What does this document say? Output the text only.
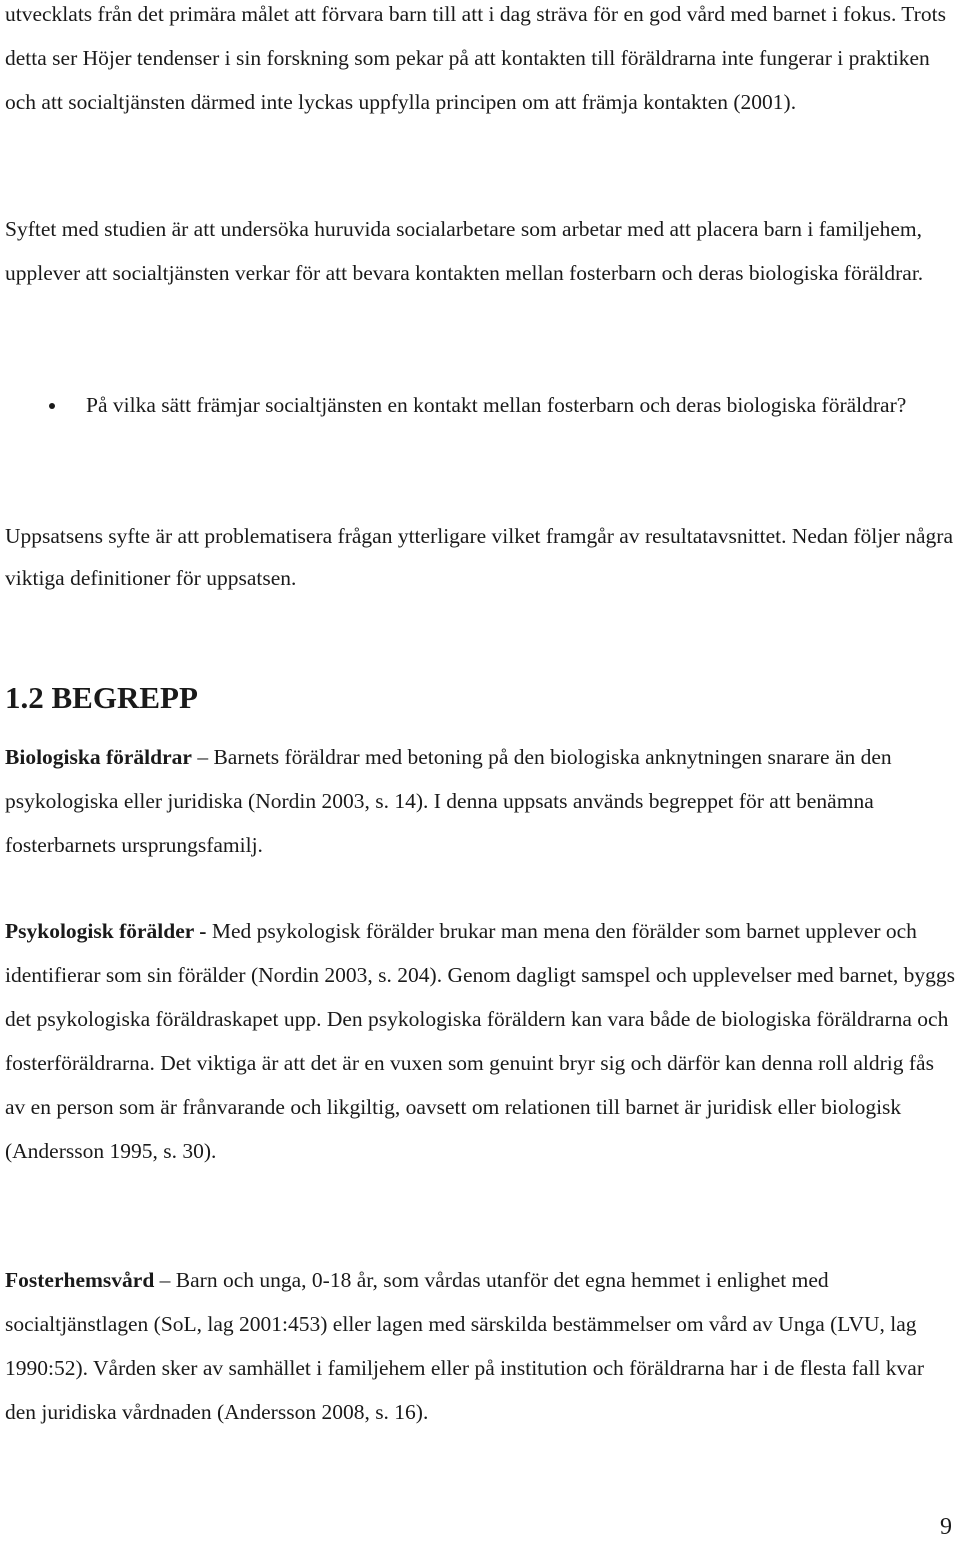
utvecklats från det primära målet att förvara barn till att i dag sträva för en god vård med barnet i fokus. Trots detta ser Höjer tendenser i sin forskning som pekar på att kontakten till föräldrarna inte fungerar i praktiken och att socialtjänsten därmed inte lyckas uppfylla principen om att främja kontakten (2001).

Syftet med studien är att undersöka huruvida socialarbetare som arbetar med att placera barn i familjehem, upplever att socialtjänsten verkar för att bevara kontakten mellan fosterbarn och deras biologiska föräldrar.

På vilka sätt främjar socialtjänsten en kontakt mellan fosterbarn och deras biologiska föräldrar?

Uppsatsens syfte är att problematisera frågan ytterligare vilket framgår av resultatavsnittet. Nedan följer några viktiga definitioner för uppsatsen.

1.2 BEGREPP

Biologiska föräldrar – Barnets föräldrar med betoning på den biologiska anknytningen snarare än den psykologiska eller juridiska (Nordin 2003, s. 14). I denna uppsats används begreppet för att benämna fosterbarnets ursprungsfamilj.

Psykologisk förälder - Med psykologisk förälder brukar man mena den förälder som barnet upplever och identifierar som sin förälder (Nordin 2003, s. 204). Genom dagligt samspel och upplevelser med barnet, byggs det psykologiska föräldraskapet upp. Den psykologiska föräldern kan vara både de biologiska föräldrarna och fosterföräldrarna. Det viktiga är att det är en vuxen som genuint bryr sig och därför kan denna roll aldrig fås av en person som är frånvarande och likgiltig, oavsett om relationen till barnet är juridisk eller biologisk (Andersson 1995, s. 30).

Fosterhemsvård – Barn och unga, 0-18 år, som vårdas utanför det egna hemmet i enlighet med socialtjänstlagen (SoL, lag 2001:453) eller lagen med särskilda bestämmelser om vård av Unga (LVU, lag 1990:52). Vården sker av samhället i familjehem eller på institution och föräldrarna har i de flesta fall kvar den juridiska vårdnaden (Andersson 2008, s. 16).

9
